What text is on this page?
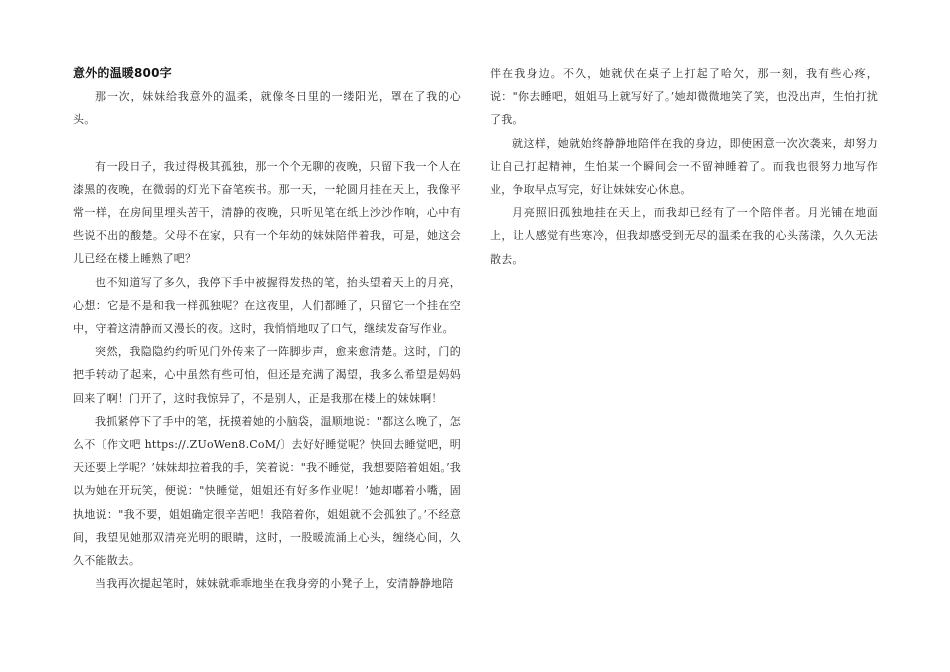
意外的温暖800字

那一次，妹妹给我意外的温柔，就像冬日里的一缕阳光，罩在了我的心头。

有一段日子，我过得极其孤独，那一个个无聊的夜晚，只留下我一个人在漆黑的夜晚，在微弱的灯光下奋笔疾书。那一天，一轮圆月挂在天上，我像平常一样，在房间里埋头苦干，清静的夜晚，只听见笔在纸上沙沙作响，心中有些说不出的酸楚。父母不在家，只有一个年幼的妹妹陪伴着我，可是，她这会儿已经在楼上睡熟了吧？

也不知道写了多久，我停下手中被握得发热的笔，抬头望着天上的月亮，心想：它是不是和我一样孤独呢？在这夜里，人们都睡了，只留它一个挂在空中，守着这清静而又漫长的夜。这时，我悄悄地叹了口气，继续发奋写作业。

突然，我隐隐约约听见门外传来了一阵脚步声，愈来愈清楚。这时，门的把手转动了起来，心中虽然有些可怕，但还是充满了渴望，我多么希望是妈妈回来了啊！门开了，这时我惊异了，不是别人，正是我那在楼上的妹妹啊！

我抓紧停下了手中的笔，抚摸着她的小脑袋，温顺地说："都这么晚了，怎么不〔作文吧 https://.ZUoWen8.CoM/〕去好好睡觉呢？快回去睡觉吧，明天还要上学呢？’妹妹却拉着我的手，笑着说："我不睡觉，我想要陪着姐姐。’我以为她在开玩笑，便说："快睡觉，姐姐还有好多作业呢！’她却嘟着小嘴，固执地说："我不要，姐姐确定很辛苦吧！我陪着你，姐姐就不会孤独了。’不经意间，我望见她那双清亮光明的眼睛，这时，一股暖流涌上心头，缠绕心间，久久不能散去。

当我再次提起笔时，妹妹就乖乖地坐在我身旁的小凳子上，安清静静地陪

伴在我身边。不久，她就伏在桌子上打起了哈欠，那一刻，我有些心疼，说："你去睡吧，姐姐马上就写好了。’她却微微地笑了笑，也没出声，生怕打扰了我。

就这样，她就始终静静地陪伴在我的身边，即使困意一次次袭来，却努力让自己打起精神，生怕某一个瞬间会一不留神睡着了。而我也很努力地写作业，争取早点写完，好让妹妹安心休息。

月亮照旧孤独地挂在天上，而我却已经有了一个陪伴者。月光铺在地面上，让人感觉有些寒冷，但我却感受到无尽的温柔在我的心头荡漾，久久无法散去。
